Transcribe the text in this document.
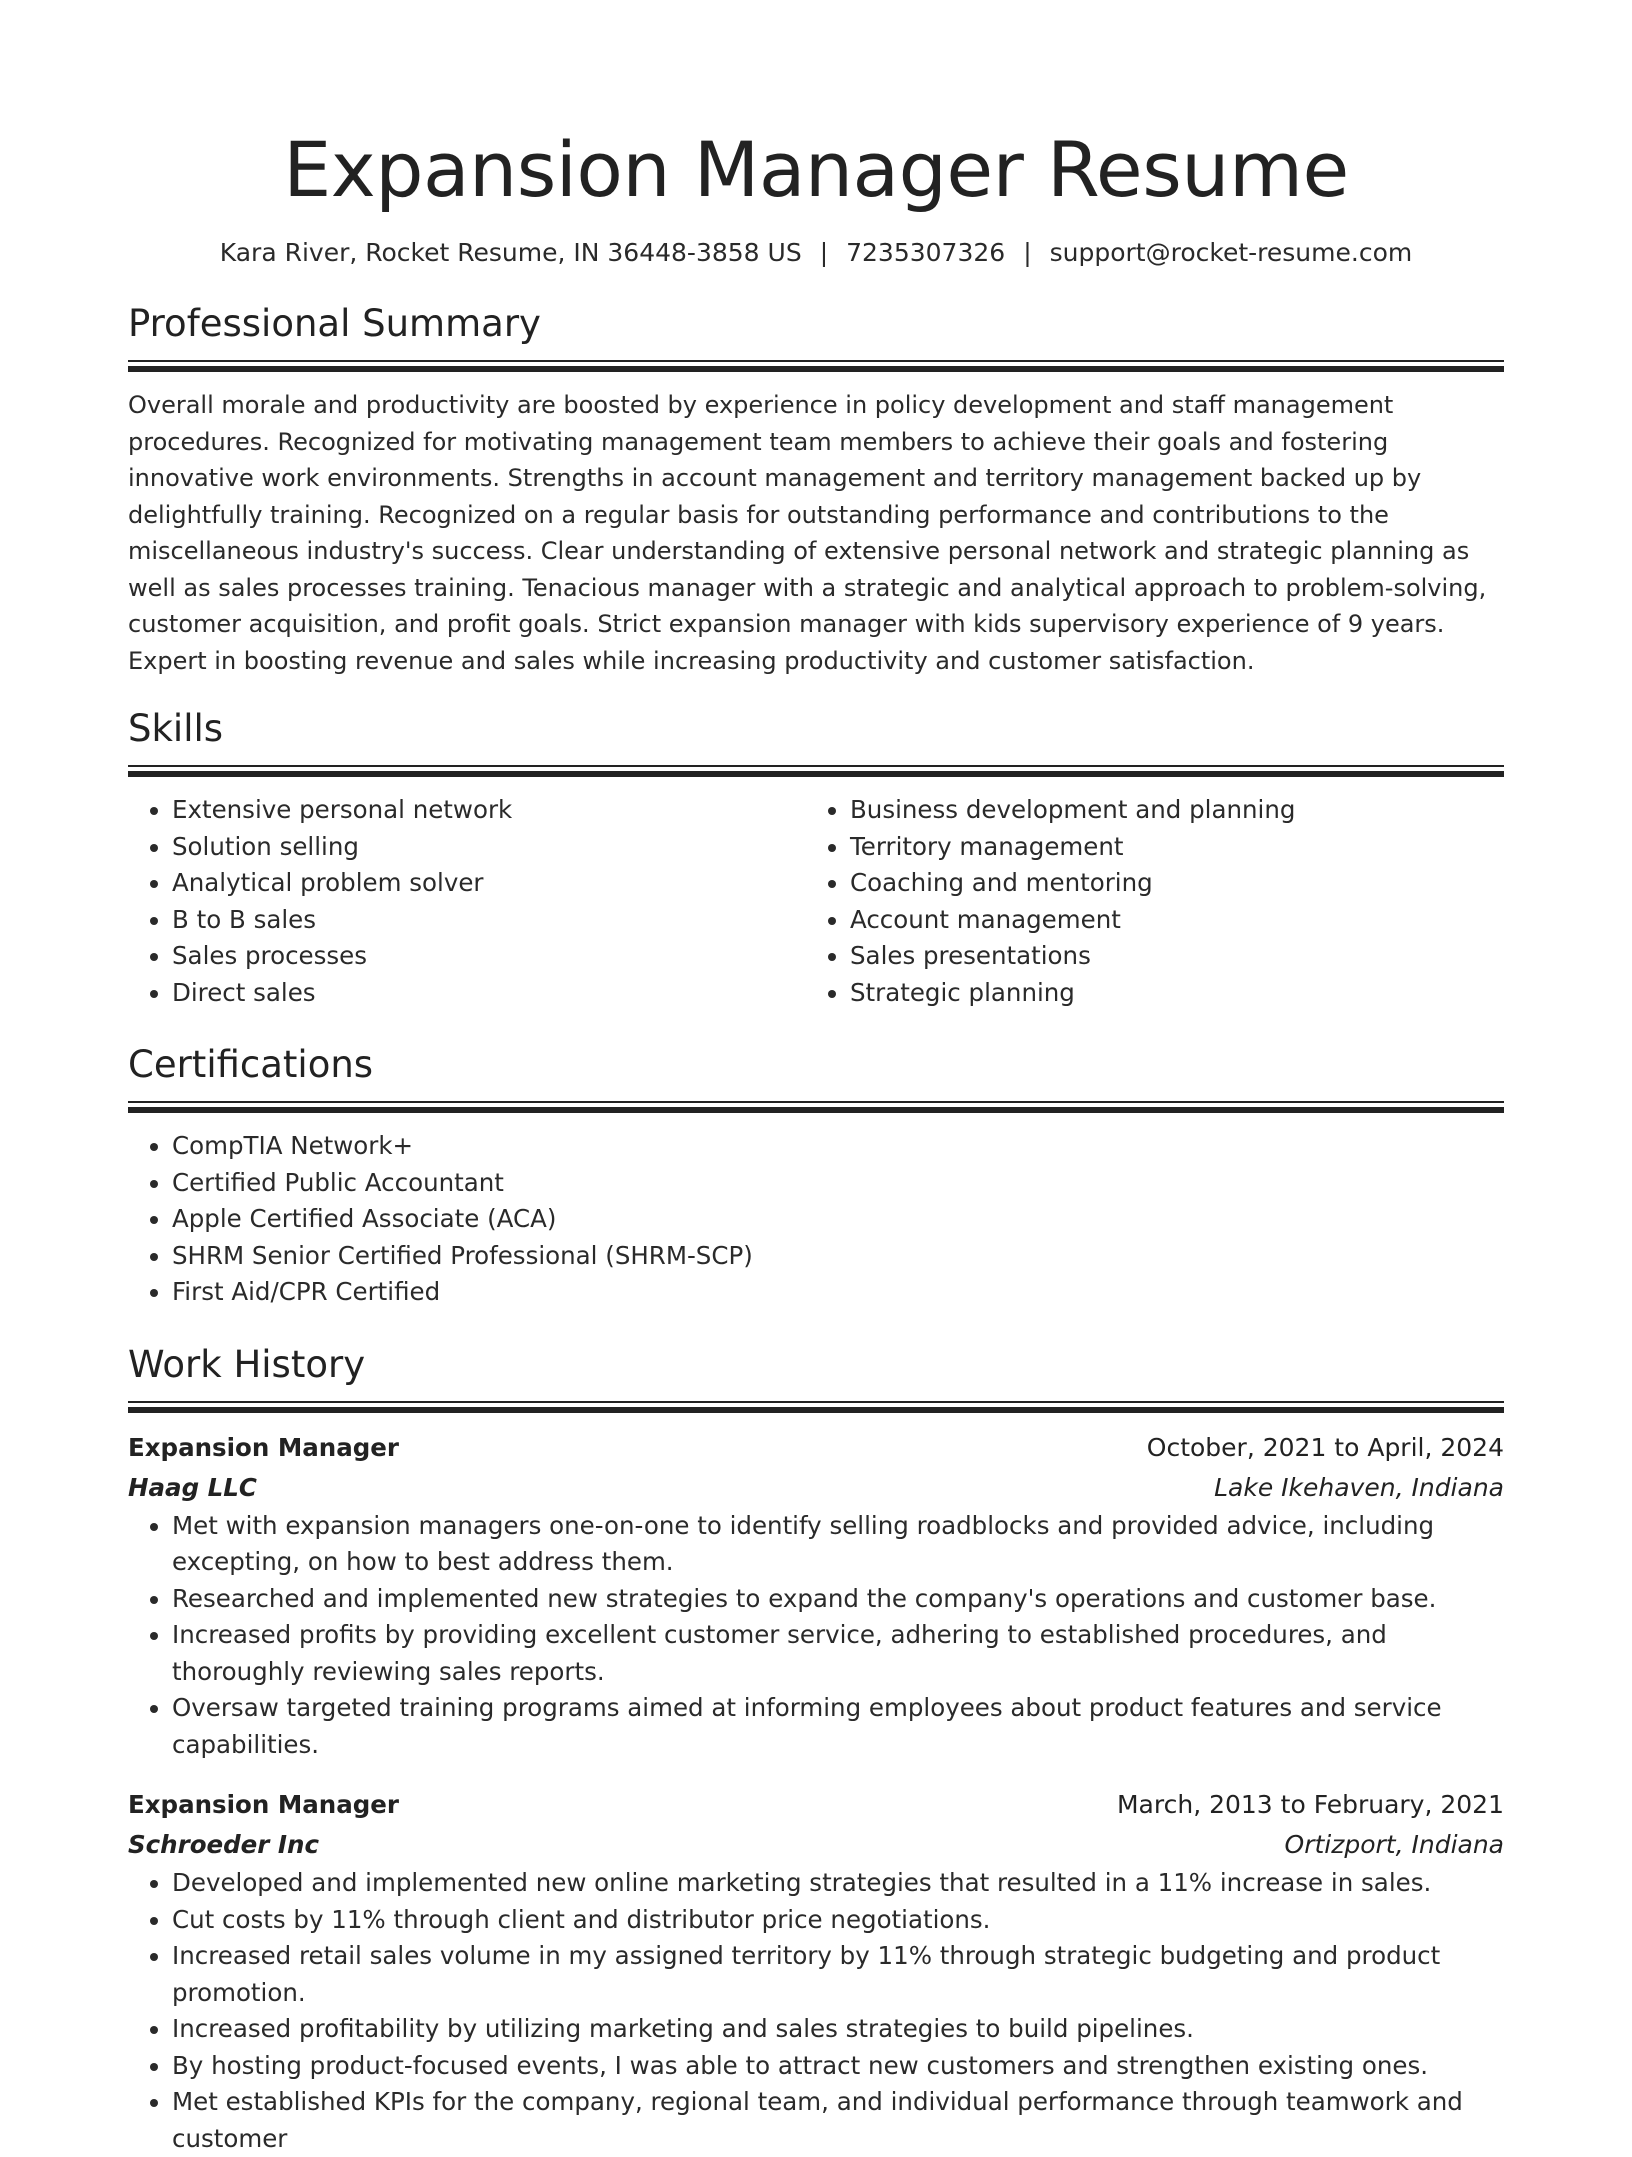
Expansion Manager Resume
Kara River, Rocket Resume, IN 36448-3858 US | 7235307326 | support@rocket-resume.com
Professional Summary

Overall morale and productivity are boosted by experience in policy development and staff management procedures. Recognized for motivating management team members to achieve their goals and fostering innovative work environments. Strengths in account management and territory management backed up by delightfully training. Recognized on a regular basis for outstanding performance and contributions to the miscellaneous industry's success. Clear understanding of extensive personal network and strategic planning as well as sales processes training. Tenacious manager with a strategic and analytical approach to problem-solving, customer acquisition, and profit goals. Strict expansion manager with kids supervisory experience of 9 years. Expert in boosting revenue and sales while increasing productivity and customer satisfaction.

Skills
• Extensive personal network
• Solution selling
• Analytical problem solver
• B to B sales
• Sales processes
• Direct sales
• Business development and planning
• Territory management
• Coaching and mentoring
• Account management
• Sales presentations
• Strategic planning
Certifications
• CompTIA Network+
• Certified Public Accountant
• Apple Certified Associate (ACA)
• SHRM Senior Certified Professional (SHRM-SCP)
• First Aid/CPR Certified
Work History
Expansion Manager	October, 2021 to April, 2024
Haag LLC	Lake Ikehaven, Indiana
• Met with expansion managers one-on-one to identify selling roadblocks and provided advice, including excepting, on how to best address them.
• Researched and implemented new strategies to expand the company's operations and customer base.
• Increased profits by providing excellent customer service, adhering to established procedures, and thoroughly reviewing sales reports.
• Oversaw targeted training programs aimed at informing employees about product features and service capabilities.
Expansion Manager	March, 2013 to February, 2021
Schroeder Inc	Ortizport, Indiana
• Developed and implemented new online marketing strategies that resulted in a 11% increase in sales.
• Cut costs by 11% through client and distributor price negotiations.
• Increased retail sales volume in my assigned territory by 11% through strategic budgeting and product promotion.
• Increased profitability by utilizing marketing and sales strategies to build pipelines.
• By hosting product-focused events, I was able to attract new customers and strengthen existing ones.
• Met established KPIs for the company, regional team, and individual performance through teamwork and customer
